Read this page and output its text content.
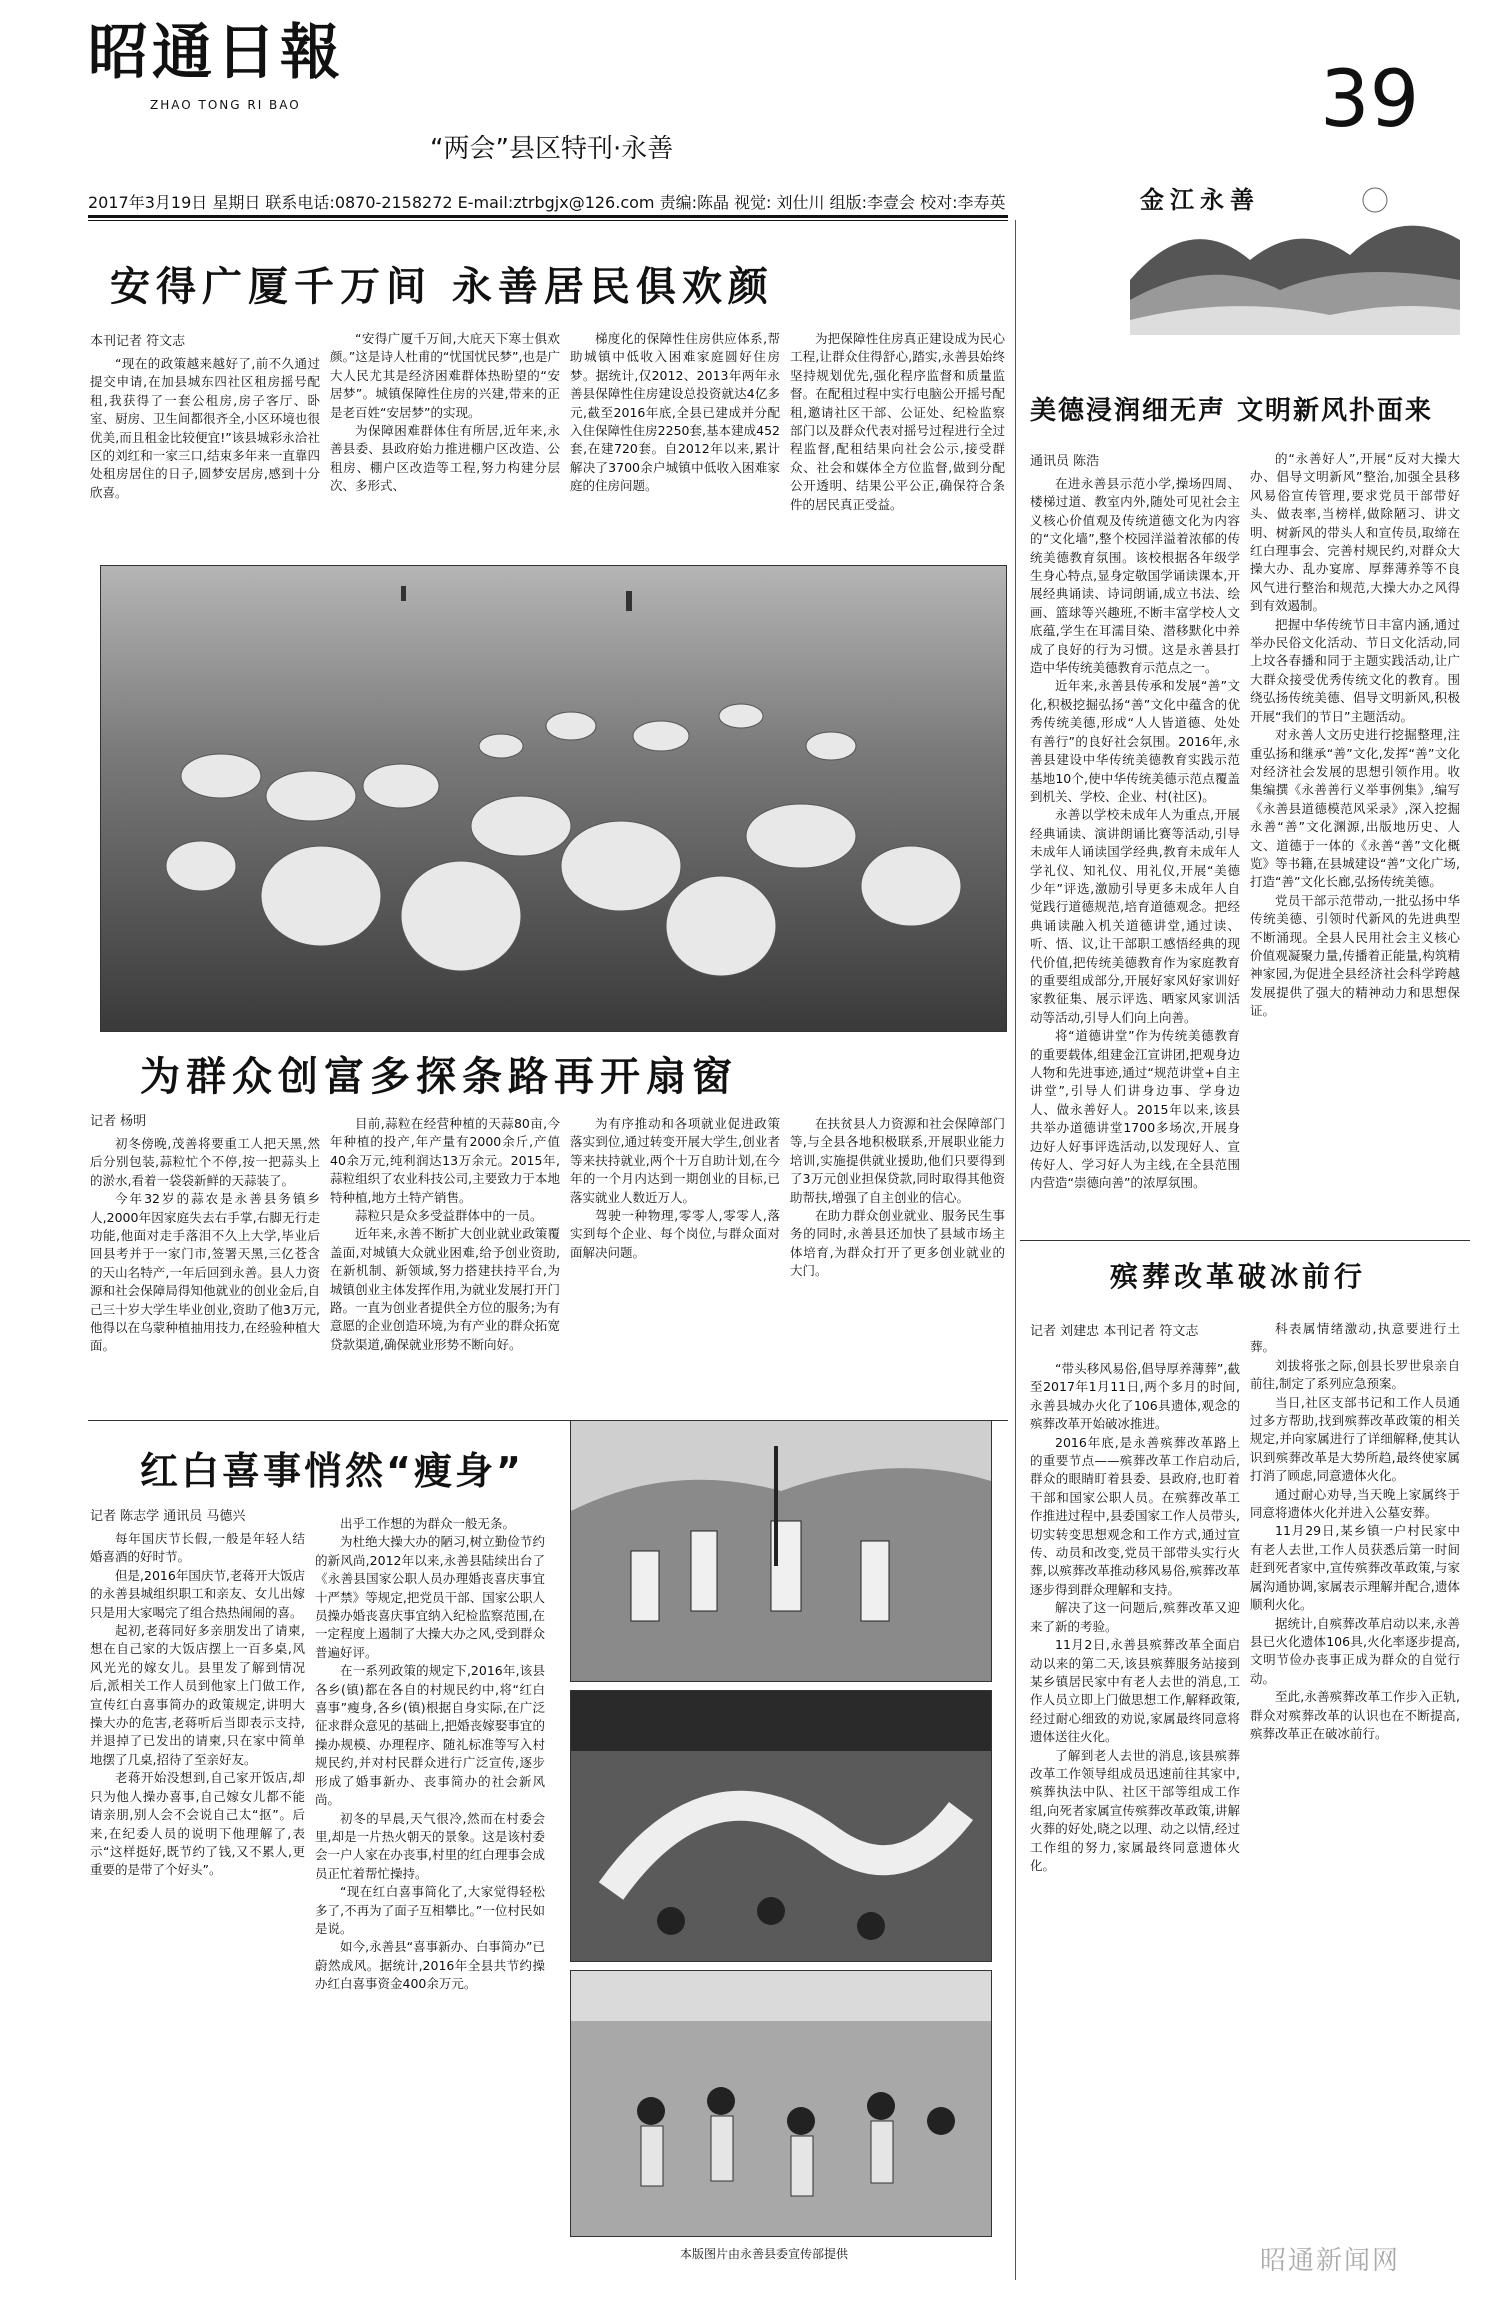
昭通日報
ZHAO TONG RI BAO
“两会”县区特刊·永善
39
2017年3月19日 星期日 联系电话:0870-2158272 E-mail:ztrbgjx@126.com 责编:陈晶 视觉: 刘仕川 组版:李壹会 校对:李寿英	金江永善
安得广厦千万间 永善居民俱欢颜
本刊记者 符文志

“现在的政策越来越好了,前不久通过提交申请,在加县城东四社区租房摇号配租,我获得了一套公租房,房子客厅、卧室、厨房、卫生间都很齐全,小区环境也很优美,而且租金比较便宜!”该县城彩永洽社区的刘红和一家三口,结束多年来一直靠四处租房居住的日子,圆梦安居房,感到十分欣喜。

“安得广厦千万间,大庇天下寒士俱欢颜。”这是诗人杜甫的“忧国忧民梦”,也是广大人民尤其是经济困难群体热盼望的“安居梦”。城镇保障性住房的兴建,带来的正是老百姓“安居梦”的实现。

为保障困难群体住有所居,近年来,永善县委、县政府始力推进棚户区改造、公租房、棚户区改造等工程,努力构建分层次、多形式、

梯度化的保障性住房供应体系,帮助城镇中低收入困难家庭圆好住房梦。据统计,仅2012、2013年两年永善县保障性住房建设总投资就达4亿多元,截至2016年底,全县已建成并分配入住保障性住房2250套,基本建成452套,在建720套。自2012年以来,累计解决了3700余户城镇中低收入困难家庭的住房问题。

为把保障性住房真正建设成为民心工程,让群众住得舒心,踏实,永善县始终坚持规划优先,强化程序监督和质量监督。在配租过程中实行电脑公开摇号配租,邀请社区干部、公证处、纪检监察部门以及群众代表对摇号过程进行全过程监督,配租结果向社会公示,接受群众、社会和媒体全方位监督,做到分配公开透明、结果公平公正,确保符合条件的居民真正受益。

为群众创富多探条路再开扇窗
记者 杨明

初冬傍晚,茂善将要重工人把天黑,然后分别包装,蒜粒忙个不停,按一把蒜头上的淤水,看着一袋袋新鲜的天蒜装了。

今年32岁的蒜农是永善县务镇乡人,2000年因家庭失去右手掌,右脚无行走功能,他面对走手落泪不久上大学,毕业后回县考并于一家门市,签署天黑,三亿苍含的天山名特产,一年后回到永善。县人力资源和社会保障局得知他就业的创业金后,自己三十岁大学生毕业创业,资助了他3万元,他得以在乌蒙种植抽用技力,在经验种植大面。

目前,蒜粒在经营种植的天蒜80亩,今年种植的投产,年产量有2000余斤,产值40余万元,纯利润达13万余元。2015年,蒜粒组织了农业科技公司,主要致力于本地特种植,地方土特产销售。

蒜粒只是众多受益群体中的一员。

近年来,永善不断扩大创业就业政策覆盖面,对城镇大众就业困难,给予创业资助,在新机制、新领域,努力搭建扶持平台,为城镇创业主体发挥作用,为就业发展打开门路。一直为创业者提供全方位的服务;为有意愿的企业创造环境,为有产业的群众拓宽贷款渠道,确保就业形势不断向好。

为有序推动和各项就业促进政策落实到位,通过转变开展大学生,创业者等来扶持就业,两个十万自助计划,在今年的一个月内达到一期创业的目标,已落实就业人数近万人。

驾驶一种物理,零零人,零零人,落实到每个企业、每个岗位,与群众面对面解决问题。

在扶贫县人力资源和社会保障部门等,与全县各地积极联系,开展职业能力培训,实施提供就业援助,他们只要得到了3万元创业担保贷款,同时取得其他资助帮扶,增强了自主创业的信心。

在助力群众创业就业、服务民生事务的同时,永善县还加快了县域市场主体培育,为群众打开了更多创业就业的大门。

红白喜事悄然“瘦身”
记者 陈志学 通讯员 马德兴

每年国庆节长假,一般是年轻人结婚喜酒的好时节。

但是,2016年国庆节,老蒋开大饭店的永善县城组织职工和亲友、女儿出嫁只是用大家喝完了组合热热闹闹的喜。

起初,老蒋同好多亲朋发出了请柬,想在自己家的大饭店摆上一百多桌,风风光光的嫁女儿。县里发了解到情况后,派相关工作人员到他家上门做工作,宣传红白喜事简办的政策规定,讲明大操大办的危害,老蒋听后当即表示支持,并退掉了已发出的请柬,只在家中简单地摆了几桌,招待了至亲好友。

老蒋开始没想到,自己家开饭店,却只为他人操办喜事,自己嫁女儿都不能请亲朋,别人会不会说自己太“抠”。后来,在纪委人员的说明下他理解了,表示“这样挺好,既节约了钱,又不累人,更重要的是带了个好头”。

出乎工作想的为群众一般无条。

为杜绝大操大办的陋习,树立勤俭节约的新风尚,2012年以来,永善县陆续出台了《永善县国家公职人员办理婚丧喜庆事宜十严禁》等规定,把党员干部、国家公职人员操办婚丧喜庆事宜纳入纪检监察范围,在一定程度上遏制了大操大办之风,受到群众普遍好评。

在一系列政策的规定下,2016年,该县各乡(镇)都在各自的村规民约中,将“红白喜事”瘦身,各乡(镇)根据自身实际,在广泛征求群众意见的基础上,把婚丧嫁娶事宜的操办规模、办理程序、随礼标准等写入村规民约,并对村民群众进行广泛宣传,逐步形成了婚事新办、丧事简办的社会新风尚。

初冬的早晨,天气很冷,然而在村委会里,却是一片热火朝天的景象。这是该村委会一户人家在办丧事,村里的红白理事会成员正忙着帮忙操持。

“现在红白喜事简化了,大家觉得轻松多了,不再为了面子互相攀比。”一位村民如是说。

如今,永善县“喜事新办、白事简办”已蔚然成风。据统计,2016年全县共节约操办红白喜事资金400余万元。

本版图片由永善县委宣传部提供
美德浸润细无声 文明新风扑面来
通讯员 陈浩

在进永善县示范小学,操场四周、楼梯过道、教室内外,随处可见社会主义核心价值观及传统道德文化为内容的“文化墙”,整个校园洋溢着浓郁的传统美德教育氛围。该校根据各年级学生身心特点,显身定敬国学诵读课本,开展经典诵读、诗词朗诵,成立书法、绘画、篮球等兴趣班,不断丰富学校人文底蕴,学生在耳濡目染、潜移默化中养成了良好的行为习惯。这是永善县打造中华传统美德教育示范点之一。

近年来,永善县传承和发展“善”文化,积极挖掘弘扬“善”文化中蕴含的优秀传统美德,形成“人人皆道德、处处有善行”的良好社会氛围。2016年,永善县建设中华传统美德教育实践示范基地10个,使中华传统美德示范点覆盖到机关、学校、企业、村(社区)。

永善以学校未成年人为重点,开展经典诵读、演讲朗诵比赛等活动,引导未成年人诵读国学经典,教育未成年人学礼仪、知礼仪、用礼仪,开展“美德少年”评选,激励引导更多未成年人自觉践行道德规范,培育道德观念。把经典诵读融入机关道德讲堂,通过读、听、悟、议,让干部职工感悟经典的现代价值,把传统美德教育作为家庭教育的重要组成部分,开展好家风好家训好家教征集、展示评选、晒家风家训活动等活动,引导人们向上向善。

将“道德讲堂”作为传统美德教育的重要载体,组建金江宣讲团,把观身边人物和先进事迹,通过“规范讲堂+自主讲堂”,引导人们讲身边事、学身边人、做永善好人。2015年以来,该县共举办道德讲堂1700多场次,开展身边好人好事评选活动,以发现好人、宣传好人、学习好人为主线,在全县范围内营造“崇德向善”的浓厚氛围。

的“永善好人”,开展“反对大操大办、倡导文明新风”整治,加强全县移风易俗宣传管理,要求党员干部带好头、做表率,当榜样,做除陋习、讲文明、树新风的带头人和宣传员,取缔在红白理事会、完善村规民约,对群众大操大办、乱办宴席、厚葬薄养等不良风气进行整治和规范,大操大办之风得到有效遏制。

把握中华传统节日丰富内涵,通过举办民俗文化活动、节日文化活动,同上坟各春播和同于主题实践活动,让广大群众接受优秀传统文化的教育。围绕弘扬传统美德、倡导文明新风,积极开展“我们的节日”主题活动。

对永善人文历史进行挖掘整理,注重弘扬和继承“善”文化,发挥“善”文化对经济社会发展的思想引领作用。收集编撰《永善善行义举事例集》,编写《永善县道德模范风采录》,深入挖掘永善“善”文化渊源,出版地历史、人文、道德于一体的《永善“善”文化概览》等书籍,在县城建设“善”文化广场,打造“善”文化长廊,弘扬传统美德。

党员干部示范带动,一批弘扬中华传统美德、引领时代新风的先进典型不断涌现。全县人民用社会主义核心价值观凝聚力量,传播着正能量,构筑精神家园,为促进全县经济社会科学跨越发展提供了强大的精神动力和思想保证。

殡葬改革破冰前行
记者 刘建忠 本刊记者 符文志

“带头移风易俗,倡导厚养薄葬”,截至2017年1月11日,两个多月的时间,永善县城办火化了106具遗体,观念的殡葬改革开始破冰推进。

2016年底,是永善殡葬改革路上的重要节点——殡葬改革工作启动后,群众的眼睛盯着县委、县政府,也盯着干部和国家公职人员。在殡葬改革工作推进过程中,县委国家工作人员带头,切实转变思想观念和工作方式,通过宣传、动员和改变,党员干部带头实行火葬,以殡葬改革推动移风易俗,殡葬改革逐步得到群众理解和支持。

解决了这一问题后,殡葬改革又迎来了新的考验。

11月2日,永善县殡葬改革全面启动以来的第二天,该县殡葬服务站接到某乡镇居民家中有老人去世的消息,工作人员立即上门做思想工作,解释政策,经过耐心细致的劝说,家属最终同意将遗体送往火化。

了解到老人去世的消息,该县殡葬改革工作领导组成员迅速前往其家中,殡葬执法中队、社区干部等组成工作组,向死者家属宣传殡葬改革政策,讲解火葬的好处,晓之以理、动之以情,经过工作组的努力,家属最终同意遗体火化。

科表属情绪激动,执意要进行土葬。

刘拔将张之际,创县长罗世泉亲自前往,制定了系列应急预案。

当日,社区支部书记和工作人员通过多方帮助,找到殡葬改革政策的相关规定,并向家属进行了详细解释,使其认识到殡葬改革是大势所趋,最终使家属打消了顾虑,同意遗体火化。

通过耐心劝导,当天晚上家属终于同意将遗体火化并进入公墓安葬。

11月29日,某乡镇一户村民家中有老人去世,工作人员获悉后第一时间赶到死者家中,宣传殡葬改革政策,与家属沟通协调,家属表示理解并配合,遗体顺利火化。

据统计,自殡葬改革启动以来,永善县已火化遗体106具,火化率逐步提高,文明节俭办丧事正成为群众的自觉行动。

至此,永善殡葬改革工作步入正轨,群众对殡葬改革的认识也在不断提高,殡葬改革正在破冰前行。

昭通新闻网
